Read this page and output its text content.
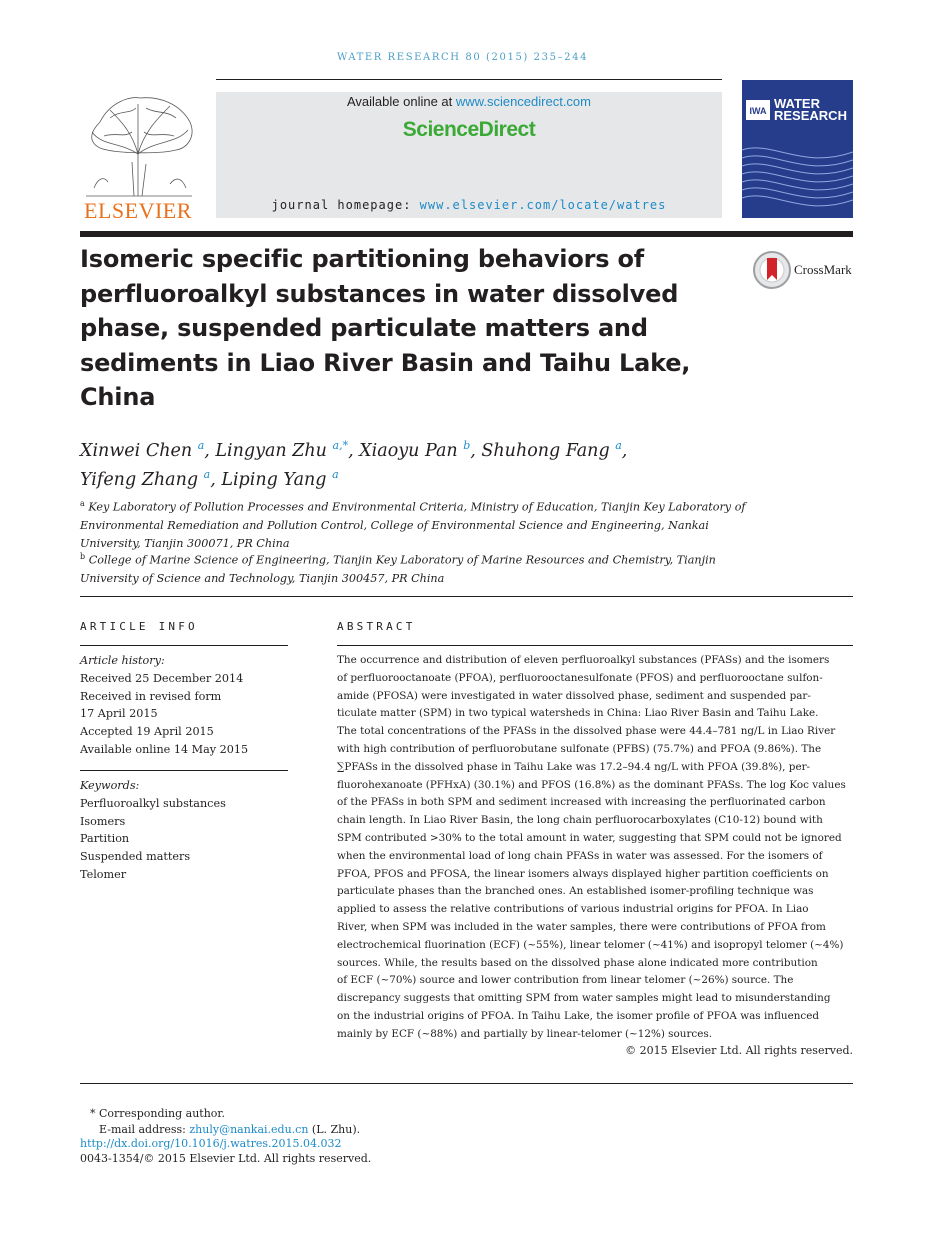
WATER RESEARCH 80 (2015) 235–244
ELSEVIER
Available online at www.sciencedirect.com
ScienceDirect
journal homepage: www.elsevier.com/locate/watres
IWA WATER
RESEARCH
Isomeric specific partitioning behaviors of
perfluoroalkyl substances in water dissolved
phase, suspended particulate matters and
sediments in Liao River Basin and Taihu Lake,
China
CrossMark
Xinwei Chen $^a$, Lingyan Zhu $^{a,*}$, Xiaoyu Pan $^b$, Shuhong Fang $^a$,
Yifeng Zhang $^a$, Liping Yang $^a$
$^a$ Key Laboratory of Pollution Processes and Environmental Criteria, Ministry of Education, Tianjin Key Laboratory of
Environmental Remediation and Pollution Control, College of Environmental Science and Engineering, Nankai
University, Tianjin 300071, PR China
$^b$ College of Marine Science of Engineering, Tianjin Key Laboratory of Marine Resources and Chemistry, Tianjin
University of Science and Technology, Tianjin 300457, PR China
ARTICLE INFO
Article history:
Received 25 December 2014
Received in revised form
17 April 2015
Accepted 19 April 2015
Available online 14 May 2015
Keywords:
Perfluoroalkyl substances
Isomers
Partition
Suspended matters
Telomer
ABSTRACT
The occurrence and distribution of eleven perfluoroalkyl substances (PFASs) and the isomers
of perfluorooctanoate (PFOA), perfluorooctanesulfonate (PFOS) and perfluorooctane sulfon-
amide (PFOSA) were investigated in water dissolved phase, sediment and suspended par-
ticulate matter (SPM) in two typical watersheds in China: Liao River Basin and Taihu Lake.
The total concentrations of the PFASs in the dissolved phase were 44.4–781 ng/L in Liao River
with high contribution of perfluorobutane sulfonate (PFBS) (75.7%) and PFOA (9.86%). The
∑PFASs in the dissolved phase in Taihu Lake was 17.2–94.4 ng/L with PFOA (39.8%), per-
fluorohexanoate (PFHxA) (30.1%) and PFOS (16.8%) as the dominant PFASs. The log Koc values
of the PFASs in both SPM and sediment increased with increasing the perfluorinated carbon
chain length. In Liao River Basin, the long chain perfluorocarboxylates (C10-12) bound with
SPM contributed >30% to the total amount in water, suggesting that SPM could not be ignored
when the environmental load of long chain PFASs in water was assessed. For the isomers of
PFOA, PFOS and PFOSA, the linear isomers always displayed higher partition coefficients on
particulate phases than the branched ones. An established isomer-profiling technique was
applied to assess the relative contributions of various industrial origins for PFOA. In Liao
River, when SPM was included in the water samples, there were contributions of PFOA from
electrochemical fluorination (ECF) (~55%), linear telomer (~41%) and isopropyl telomer (~4%)
sources. While, the results based on the dissolved phase alone indicated more contribution
of ECF (~70%) source and lower contribution from linear telomer (~26%) source. The
discrepancy suggests that omitting SPM from water samples might lead to misunderstanding
on the industrial origins of PFOA. In Taihu Lake, the isomer profile of PFOA was influenced
mainly by ECF (~88%) and partially by linear-telomer (~12%) sources.
© 2015 Elsevier Ltd. All rights reserved.
* Corresponding author.
E-mail address: zhuly@nankai.edu.cn (L. Zhu).
http://dx.doi.org/10.1016/j.watres.2015.04.032
0043-1354/© 2015 Elsevier Ltd. All rights reserved.
